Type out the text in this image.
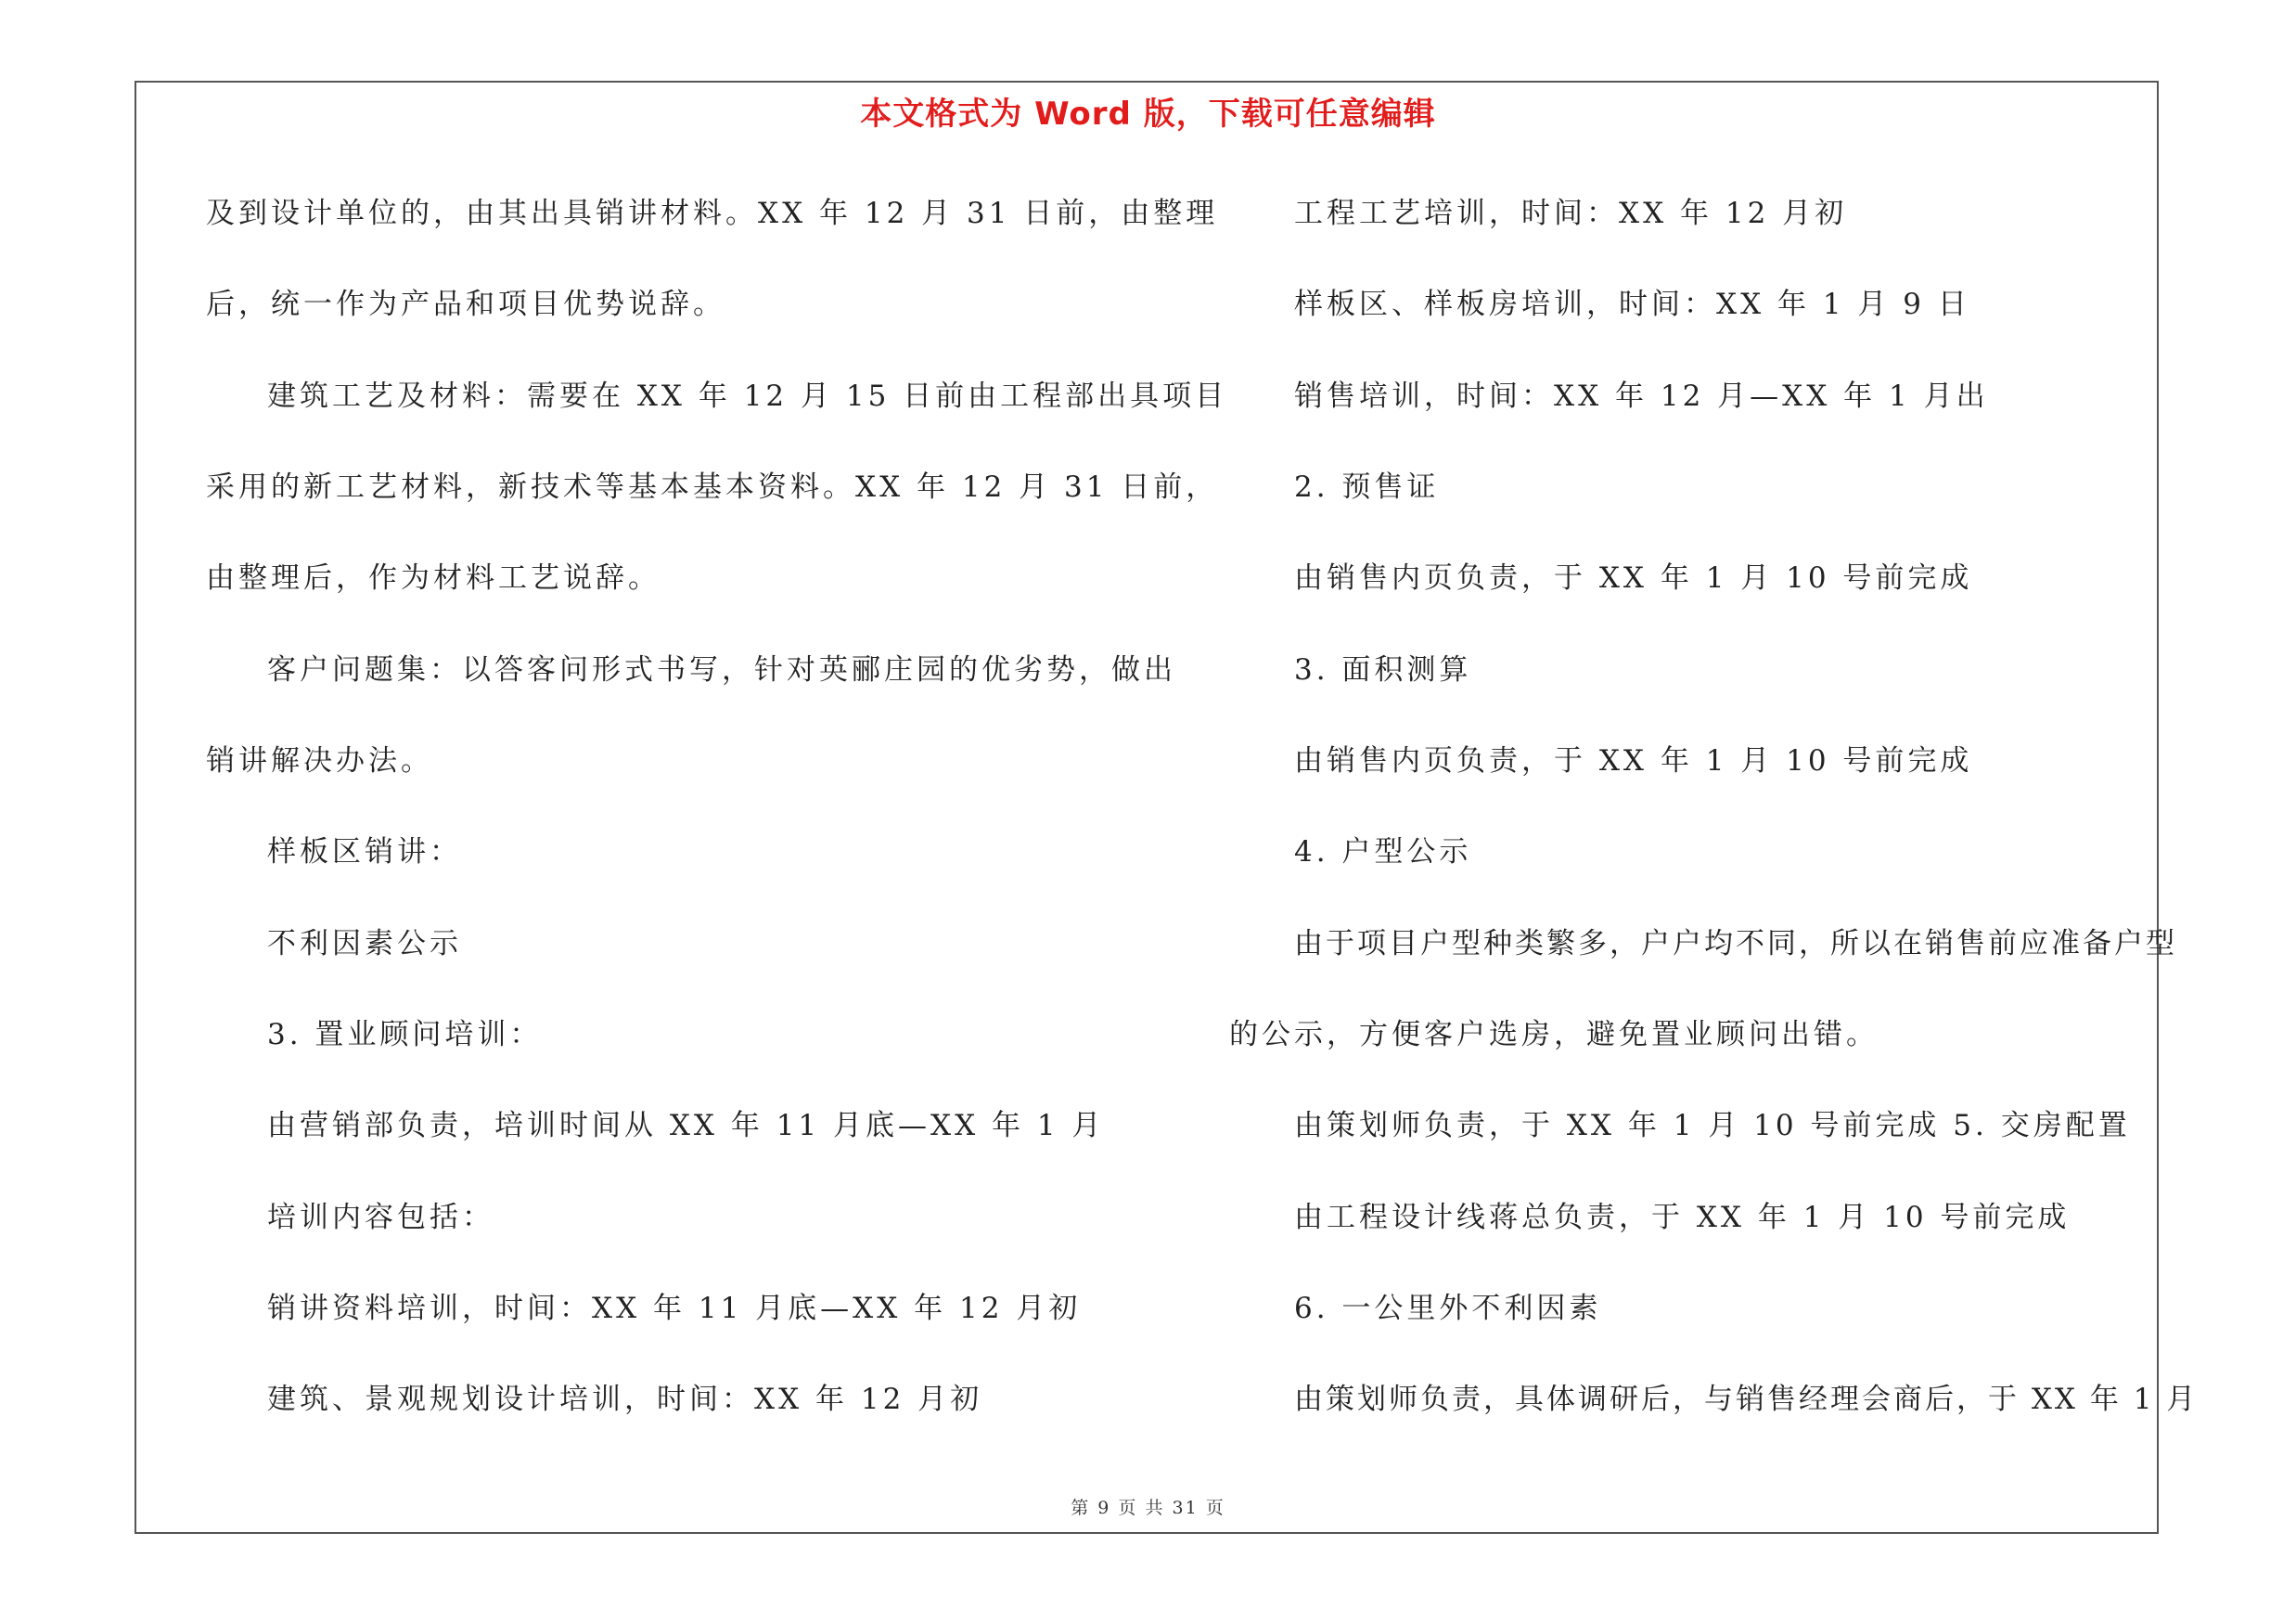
本文格式为 Word 版，下载可任意编辑
及到设计单位的，由其出具销讲材料。XX 年 12 月 31 日前，由整理
后，统一作为产品和项目优势说辞。
建筑工艺及材料：需要在 XX 年 12 月 15 日前由工程部出具项目
采用的新工艺材料，新技术等基本基本资料。XX 年 12 月 31 日前，
由整理后，作为材料工艺说辞。
客户问题集：以答客问形式书写，针对英郦庄园的优劣势，做出
销讲解决办法。
样板区销讲：
不利因素公示
3. 置业顾问培训：
由营销部负责，培训时间从 XX 年 11 月底—XX 年 1 月
培训内容包括：
销讲资料培训，时间：XX 年 11 月底—XX 年 12 月初
建筑、景观规划设计培训，时间：XX 年 12 月初
工程工艺培训，时间：XX 年 12 月初
样板区、样板房培训，时间：XX 年 1 月 9 日
销售培训，时间：XX 年 12 月—XX 年 1 月出
2. 预售证
由销售内页负责，于 XX 年 1 月 10 号前完成
3. 面积测算
由销售内页负责，于 XX 年 1 月 10 号前完成
4. 户型公示
由于项目户型种类繁多，户户均不同，所以在销售前应准备户型
的公示，方便客户选房，避免置业顾问出错。
由策划师负责，于 XX 年 1 月 10 号前完成 5. 交房配置
由工程设计线蒋总负责，于 XX 年 1 月 10 号前完成
6. 一公里外不利因素
由策划师负责，具体调研后，与销售经理会商后，于 XX 年 1 月
第 9 页 共 31 页
